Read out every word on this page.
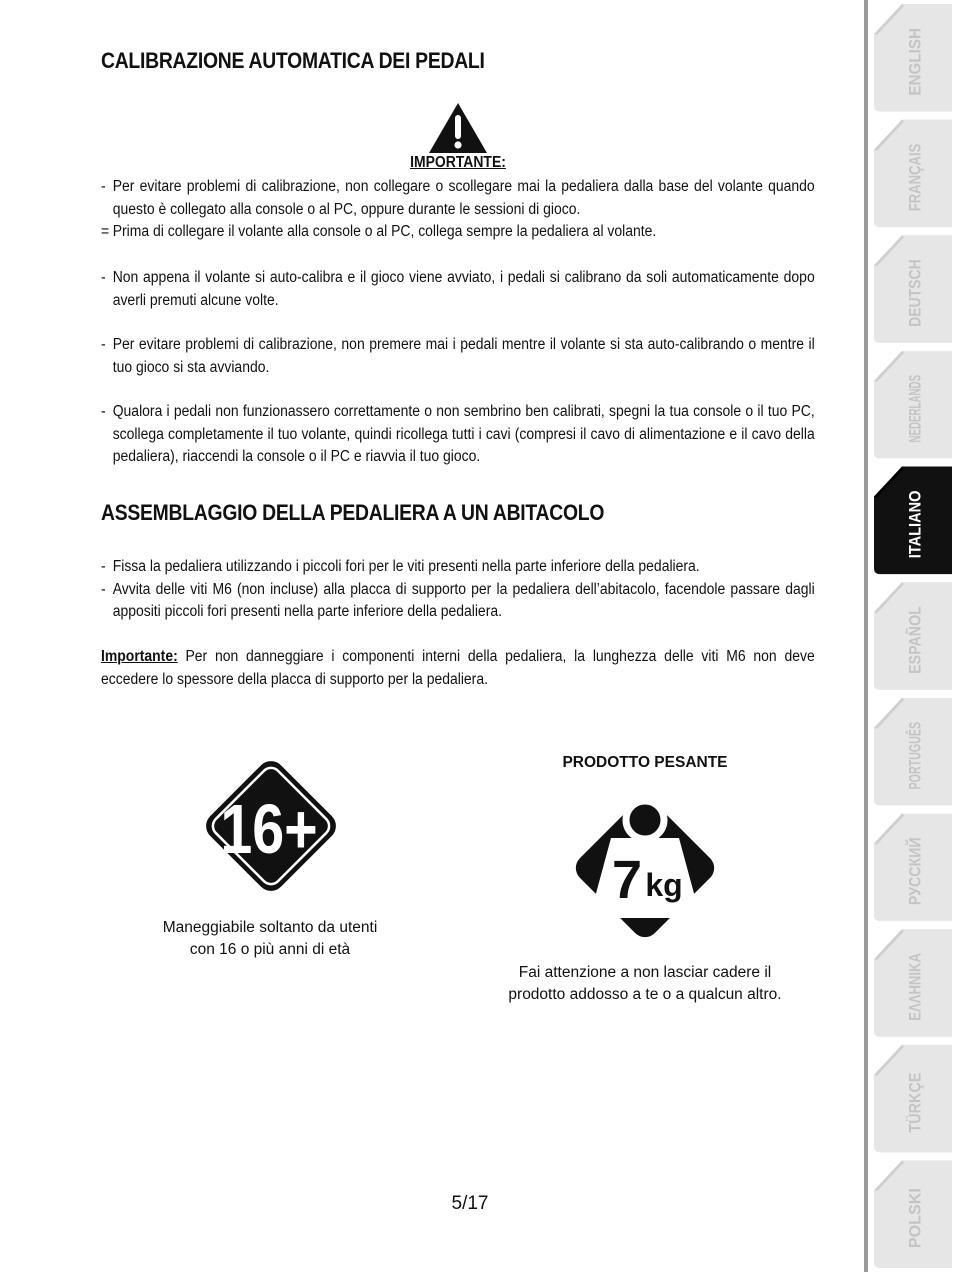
CALIBRAZIONE AUTOMATICA DEI PEDALI
IMPORTANTE:
- Per evitare problemi di calibrazione, non collegare o scollegare mai la pedaliera dalla base del volante quando questo è collegato alla console o al PC, oppure durante le sessioni di gioco.
= Prima di collegare il volante alla console o al PC, collega sempre la pedaliera al volante.
- Non appena il volante si auto-calibra e il gioco viene avviato, i pedali si calibrano da soli automaticamente dopo averli premuti alcune volte.
- Per evitare problemi di calibrazione, non premere mai i pedali mentre il volante si sta auto-calibrando o mentre il tuo gioco si sta avviando.
- Qualora i pedali non funzionassero correttamente o non sembrino ben calibrati, spegni la tua console o il tuo PC, scollega completamente il tuo volante, quindi ricollega tutti i cavi (compresi il cavo di alimentazione e il cavo della pedaliera), riaccendi la console o il PC e riavvia il tuo gioco.
ASSEMBLAGGIO DELLA PEDALIERA A UN ABITACOLO
- Fissa la pedaliera utilizzando i piccoli fori per le viti presenti nella parte inferiore della pedaliera.
- Avvita delle viti M6 (non incluse) alla placca di supporto per la pedaliera dell’abitacolo, facendole passare dagli appositi piccoli fori presenti nella parte inferiore della pedaliera.
Importante: Per non danneggiare i componenti interni della pedaliera, la lunghezza delle viti M6 non deve eccedere lo spessore della placca di supporto per la pedaliera.
16+
Maneggiabile soltanto da utenti
con 16 o più anni di età
PRODOTTO PESANTE
7 kg
Fai attenzione a non lasciar cadere il
prodotto addosso a te o a qualcun altro.
5/17
ENGLISH
FRANÇAIS
DEUTSCH
NEDERLANDS
ITALIANO
ESPAÑOL
PORTUGUÊS
РУССКИЙ
ΕΛΛΗΝΙΚΑ
TÜRKÇE
POLSKI
